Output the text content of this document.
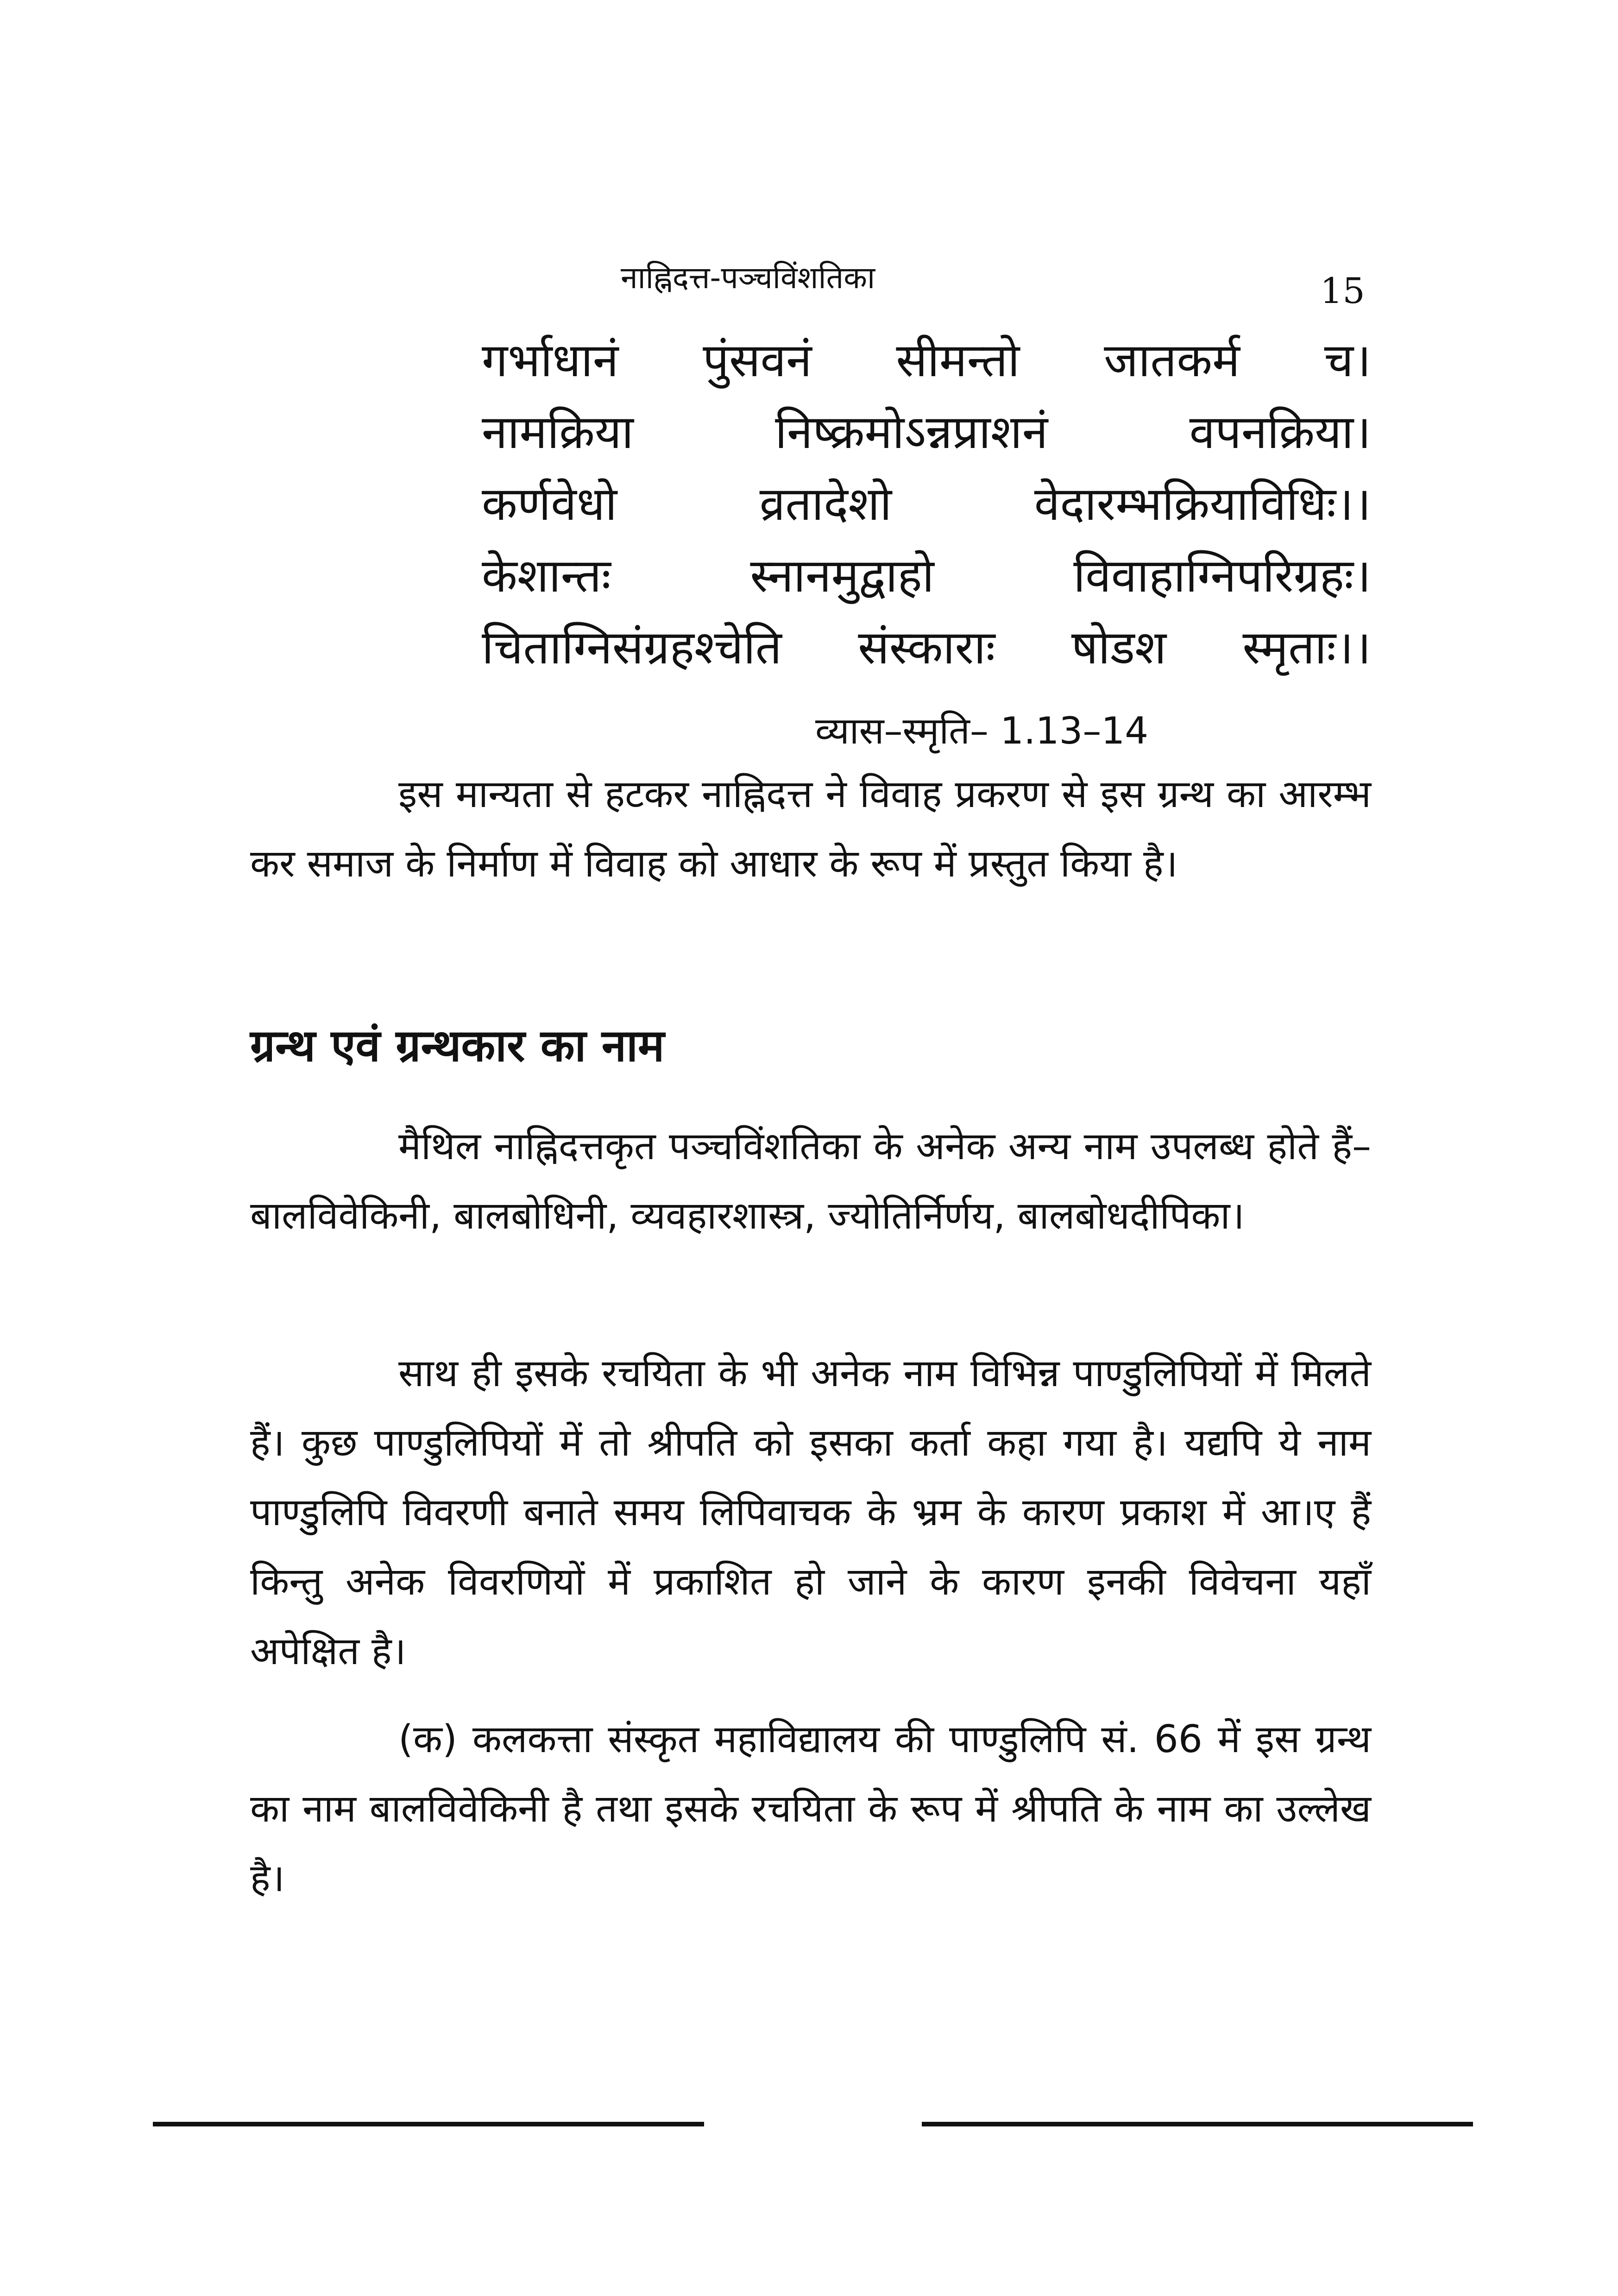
नाह्निदत्त-पञ्चविंशतिका	15
गर्भाधानं पुंसवनं सीमन्तो जातकर्म च।
नामक्रिया निष्क्रमोऽन्नप्राशनं वपनक्रिया।
कर्णवेधो व्रतादेशो वेदारम्भक्रियाविधिः।।
केशान्तः स्नानमुद्वाहो विवाहाग्निपरिग्रहः।
चिताग्निसंग्रहश्चेति संस्काराः षोडश स्मृताः।।
व्यास–स्मृति– 1.13–14

इस मान्यता से हटकर नाह्निदत्त ने विवाह प्रकरण से इस ग्रन्थ का आरम्भ कर समाज के निर्माण में विवाह को आधार के रूप में प्रस्तुत किया है।

ग्रन्थ एवं ग्रन्थकार का नाम

मैथिल नाह्निदत्तकृत पञ्चविंशतिका के अनेक अन्य नाम उपलब्ध होते हैं– बालविवेकिनी, बालबोधिनी, व्यवहारशास्त्र, ज्योतिर्निर्णय, बालबोधदीपिका।

साथ ही इसके रचयिता के भी अनेक नाम विभिन्न पाण्डुलिपियों में मिलते हैं। कुछ पाण्डुलिपियों में तो श्रीपति को इसका कर्ता कहा गया है। यद्यपि ये नाम पाण्डुलिपि विवरणी बनाते समय लिपिवाचक के भ्रम के कारण प्रकाश में आ।ए हैं किन्तु अनेक विवरणियों में प्रकाशित हो जाने के कारण इनकी विवेचना यहाँ अपेक्षित है।

(क) कलकत्ता संस्कृत महाविद्यालय की पाण्डुलिपि सं. 66 में इस ग्रन्थ का नाम बालविवेकिनी है तथा इसके रचयिता के रूप में श्रीपति के नाम का उल्लेख है।
